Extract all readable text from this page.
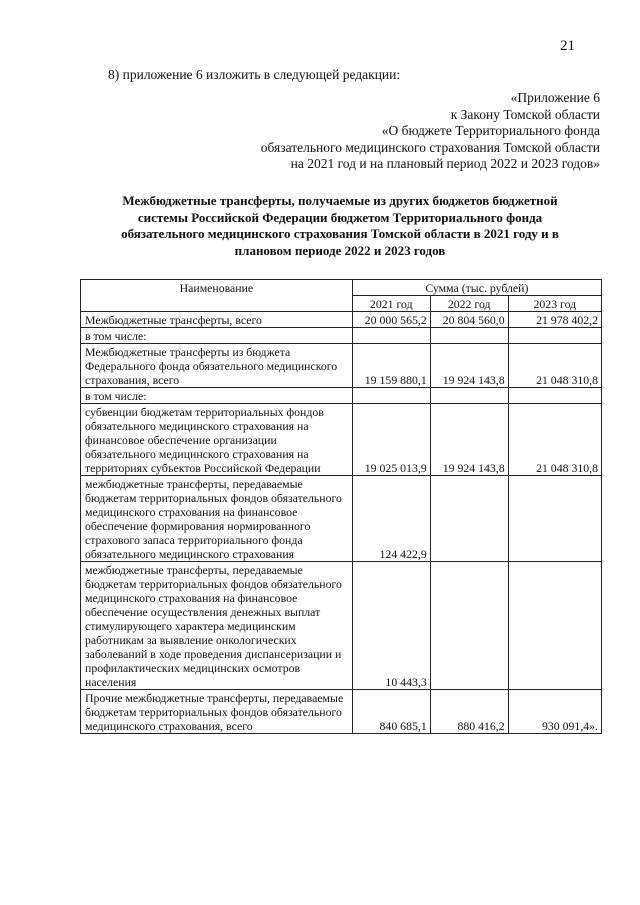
21
8) приложение 6 изложить в следующей редакции:
«Приложение 6
к Закону Томской области
«О бюджете Территориального фонда
обязательного медицинского страхования Томской области
на 2021 год и на плановый период 2022 и 2023 годов»
Межбюджетные трансферты, получаемые из других бюджетов бюджетной
системы Российской Федерации бюджетом Территориального фонда
обязательного медицинского страхования Томской области в 2021 году и в
плановом периоде 2022 и 2023 годов
Наименование	Сумма (тыс. рублей)		
	2021 год	2022 год	2023 год
Межбюджетные трансферты, всего	20 000 565,2	20 804 560,0	21 978 402,2
в том числе:			
Межбюджетные трансферты из бюджета Федерального фонда обязательного медицинского страхования, всего	19 159 880,1	19 924 143,8	21 048 310,8
в том числе:			
субвенции бюджетам территориальных фондов обязательного медицинского страхования на финансовое обеспечение организации обязательного медицинского страхования на территориях субъектов Российской Федерации	19 025 013,9	19 924 143,8	21 048 310,8
межбюджетные трансферты, передаваемые бюджетам территориальных фондов обязательного медицинского страхования на финансовое обеспечение формирования нормированного страхового запаса территориального фонда обязательного медицинского страхования	124 422,9		
межбюджетные трансферты, передаваемые бюджетам территориальных фондов обязательного медицинского страхования на финансовое обеспечение осуществления денежных выплат стимулирующего характера медицинским работникам за выявление онкологических заболеваний в ходе проведения диспансеризации и профилактических медицинских осмотров населения	10 443,3		
Прочие межбюджетные трансферты, передаваемые бюджетам территориальных фондов обязательного медицинского страхования, всего	840 685,1	880 416,2	930 091,4».
